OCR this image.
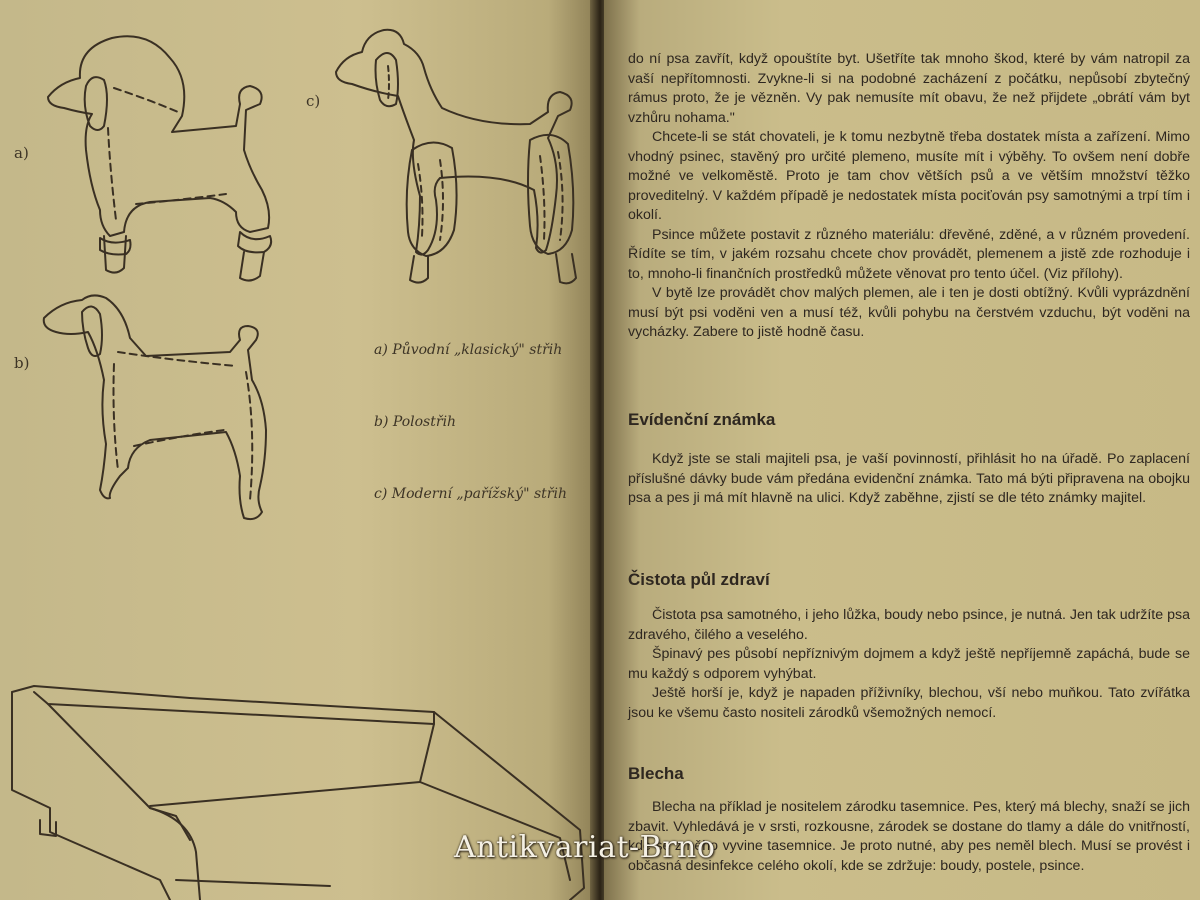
a)

b)

c)

a) Původní „klasický" střih

b) Polostřih

c) Moderní „pařížský" střih

do ní psa zavřít, když opouštíte byt. Ušetříte tak mnoho škod, které by vám natropil za vaší nepřítomnosti. Zvykne-li si na podobné zacházení z počátku, nepůsobí zbytečný rámus proto, že je vězněn. Vy pak nemusíte mít obavu, že než přijdete „obrátí vám byt vzhůru nohama."

Chcete-li se stát chovateli, je k tomu nezbytně třeba dostatek místa a zařízení. Mimo vhodný psinec, stavěný pro určité plemeno, musíte mít i výběhy. To ovšem není dobře možné ve velkoměstě. Proto je tam chov větších psů a ve větším množství těžko proveditelný. V každém případě je nedostatek místa pociťován psy samotnými a trpí tím i okolí.

Psince můžete postavit z různého materiálu: dřevěné, zděné, a v různém provedení. Řídíte se tím, v jakém rozsahu chcete chov provádět, plemenem a jistě zde rozhoduje i to, mnoho-li finančních prostředků můžete věnovat pro tento účel. (Viz přílohy).

V bytě lze provádět chov malých plemen, ale i ten je dosti obtížný. Kvůli vyprázdnění musí být psi voděni ven a musí též, kvůli pohybu na čerstvém vzduchu, být voděni na vycházky. Zabere to jistě hodně času.

Evídenční známka

Když jste se stali majiteli psa, je vaší povinností, přihlásit ho na úřadě. Po zaplacení příslušné dávky bude vám předána evidenční známka. Tato má býti připravena na obojku psa a pes ji má mít hlavně na ulici. Když zaběhne, zjistí se dle této známky majitel.

Čistota půl zdraví

Čistota psa samotného, i jeho lůžka, boudy nebo psince, je nutná. Jen tak udržíte psa zdravého, čilého a veselého.

Špinavý pes působí nepříznivým dojmem a když ještě nepříjemně zapáchá, bude se mu každý s odporem vyhýbat.

Ještě horší je, když je napaden příživníky, blechou, vší nebo muňkou. Tato zvířátka jsou ke všemu často nositeli zárodků všemožných nemocí.

Blecha

Blecha na příklad je nositelem zárodku tasemnice. Pes, který má blechy, snaží se jich zbavit. Vyhledává je v srsti, rozkousne, zárodek se dostane do tlamy a dále do vnitřností, kde se z něho vyvine tasemnice. Je proto nutné, aby pes neměl blech. Musí se provést i občasná desinfekce celého okolí, kde se zdržuje: boudy, postele, psince.

Antikvariat-Brno
